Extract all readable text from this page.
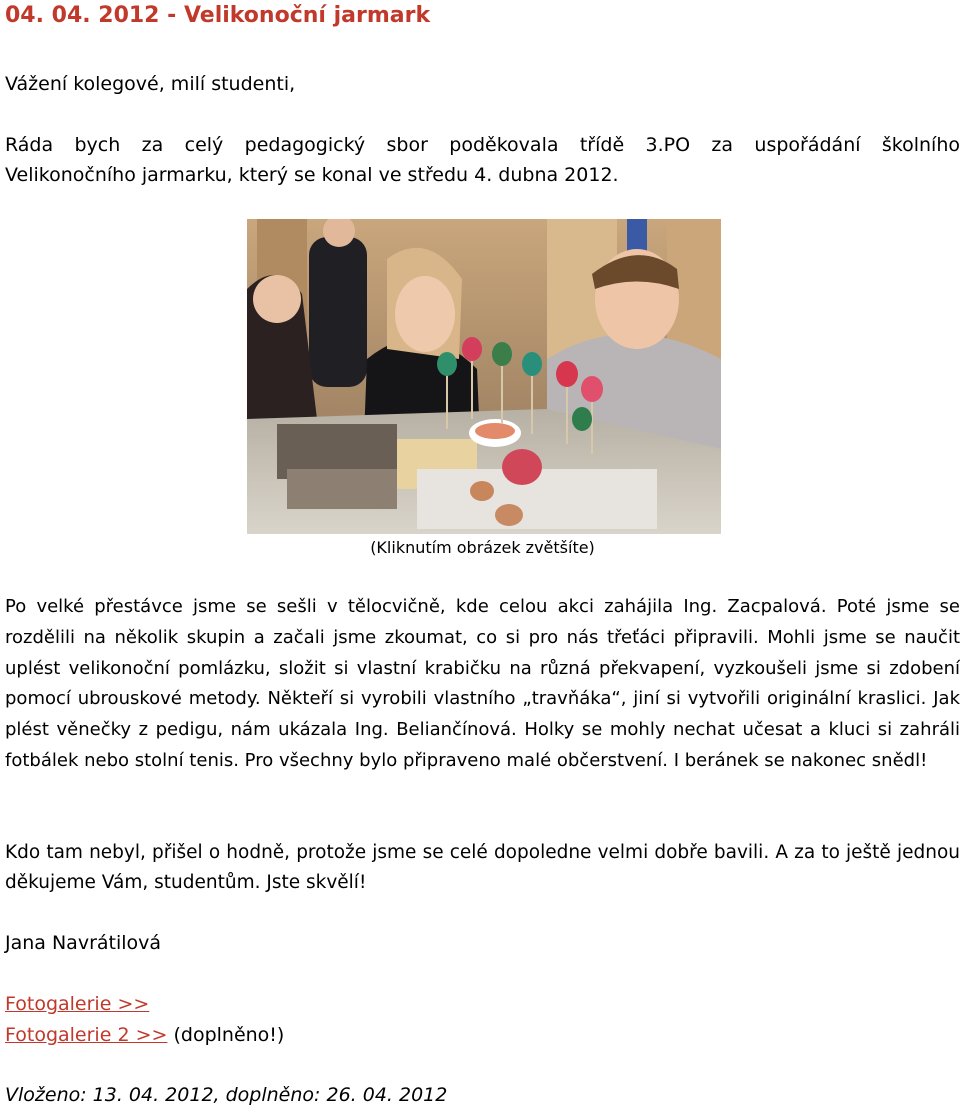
04. 04. 2012 - Velikonoční jarmark

Vážení kolegové, milí studenti,

Ráda bych za celý pedagogický sbor poděkovala třídě 3.PO za uspořádání školního
Velikonočního jarmarku, který se konal ve středu 4. dubna 2012.

(Kliknutím obrázek zvětšíte)

Po velké přestávce jsme se sešli v tělocvičně, kde celou akci zahájila Ing. Zacpalová. Poté jsme se rozdělili na několik skupin a začali jsme zkoumat, co si pro nás třeťáci připravili. Mohli jsme se naučit uplést velikonoční pomlázku, složit si vlastní krabičku na různá překvapení, vyzkoušeli jsme si zdobení pomocí ubrouskové metody. Někteří si vyrobili vlastního „travňáka“, jiní si vytvořili originální kraslici. Jak plést věnečky z pedigu, nám ukázala Ing. Beliančínová. Holky se mohly nechat učesat a kluci si zahráli fotbálek nebo stolní tenis. Pro všechny bylo připraveno malé občerstvení. I beránek se nakonec snědl!

Kdo tam nebyl, přišel o hodně, protože jsme se celé dopoledne velmi dobře bavili. A za to ještě jednou děkujeme Vám, studentům. Jste skvělí!

Jana Navrátilová

Fotogalerie >>
Fotogalerie 2 >> (doplněno!)

Vloženo: 13. 04. 2012, doplněno: 26. 04. 2012
